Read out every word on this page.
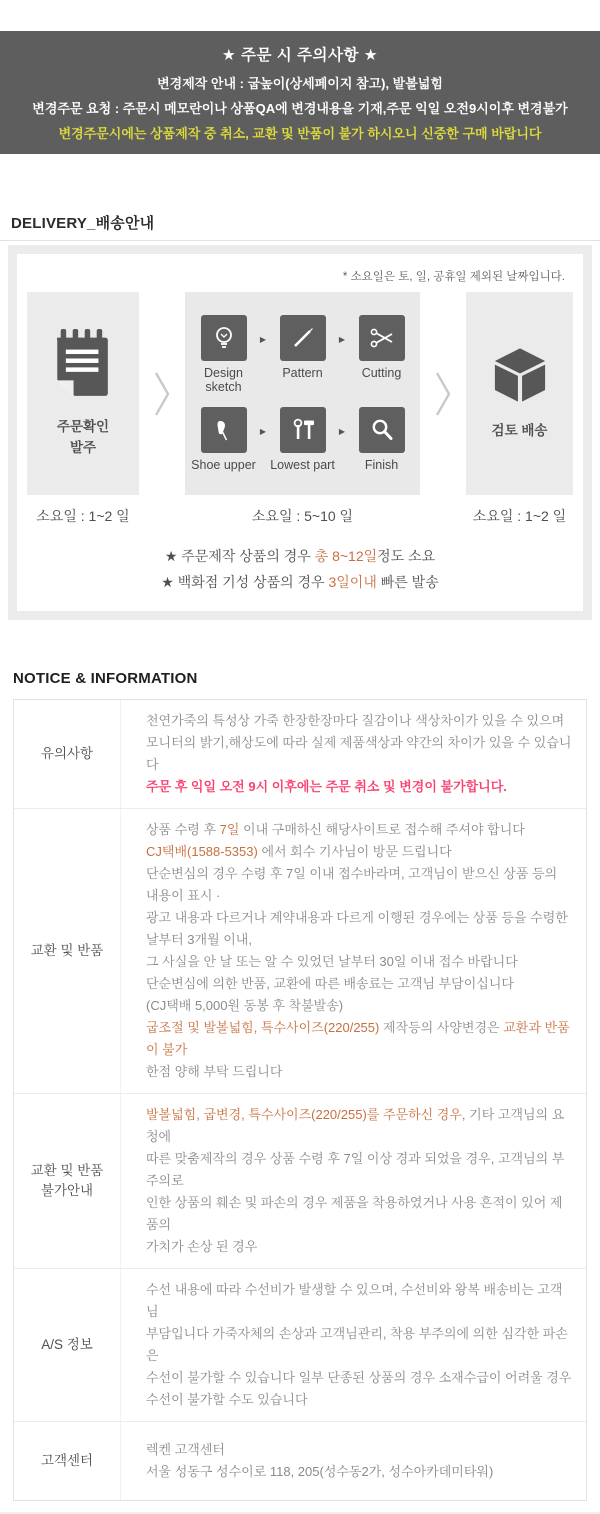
★ 주문 시 주의사항 ★
변경제작 안내 : 굽높이(상세페이지 참고), 발볼넓힘
변경주문 요청 : 주문시 메모란이나 상품QA에 변경내용을 기재,주문 익일 오전9시이후 변경불가
변경주문시에는 상품제작 중 취소, 교환 및 반품이 불가 하시오니 신중한 구매 바랍니다
DELIVERY_배송안내
* 소요일은 토, 일, 공휴일 제외된 날짜입니다.
주문확인
발주
Design sketch
▶
Pattern
▶
Cutting
Shoe upper
▶
Lowest part
▶
Finish
검토 배송
소요일 : 1~2 일	소요일 : 5~10 일	소요일 : 1~2 일
★ 주문제작 상품의 경우 총 8~12일정도 소요
★ 백화점 기성 상품의 경우 3일이내 빠른 발송
NOTICE & INFORMATION
유의사항
천연가죽의 특성상 가죽 한장한장마다 질감이나 색상차이가 있을 수 있으며
모니터의 밝기,해상도에 따라 실제 제품색상과 약간의 차이가 있을 수 있습니다
주문 후 익일 오전 9시 이후에는 주문 취소 및 변경이 불가합니다.
교환 및 반품
상품 수령 후 7일 이내 구매하신 해당사이트로 접수해 주셔야 합니다
CJ택배(1588-5353) 에서 회수 기사님이 방문 드립니다
단순변심의 경우 수령 후 7일 이내 접수바라며, 고객님이 받으신 상품 등의 내용이 표시 ·
광고 내용과 다르거나 계약내용과 다르게 이행된 경우에는 상품 등을 수령한 날부터 3개월 이내,
그 사실을 안 날 또는 알 수 있었던 날부터 30일 이내 접수 바랍니다
단순변심에 의한 반품, 교환에 따른 배송료는 고객님 부담이십니다
(CJ택배 5,000원 동봉 후 착불발송)
굽조절 및 발볼넓힘, 특수사이즈(220/255) 제작등의 사양변경은 교환과 반품이 불가
한점 양해 부탁 드립니다
교환 및 반품
불가안내
발볼넓힘, 굽변경, 특수사이즈(220/255)를 주문하신 경우, 기타 고객님의 요청에
따른 맞춤제작의 경우 상품 수령 후 7일 이상 경과 되었을 경우, 고객님의 부주의로
인한 상품의 훼손 및 파손의 경우 제품을 착용하였거나 사용 흔적이 있어 제품의
가치가 손상 된 경우
A/S 정보
수선 내용에 따라 수선비가 발생할 수 있으며, 수선비와 왕복 배송비는 고객님
부담입니다 가죽자체의 손상과 고객님관리, 착용 부주의에 의한 심각한 파손은
수선이 불가할 수 있습니다 일부 단종된 상품의 경우 소재수급이 어려울 경우
수선이 불가할 수도 있습니다
고객센터
렉켄 고객센터
서울 성동구 성수이로 118, 205(성수동2가, 성수아카데미타워)
